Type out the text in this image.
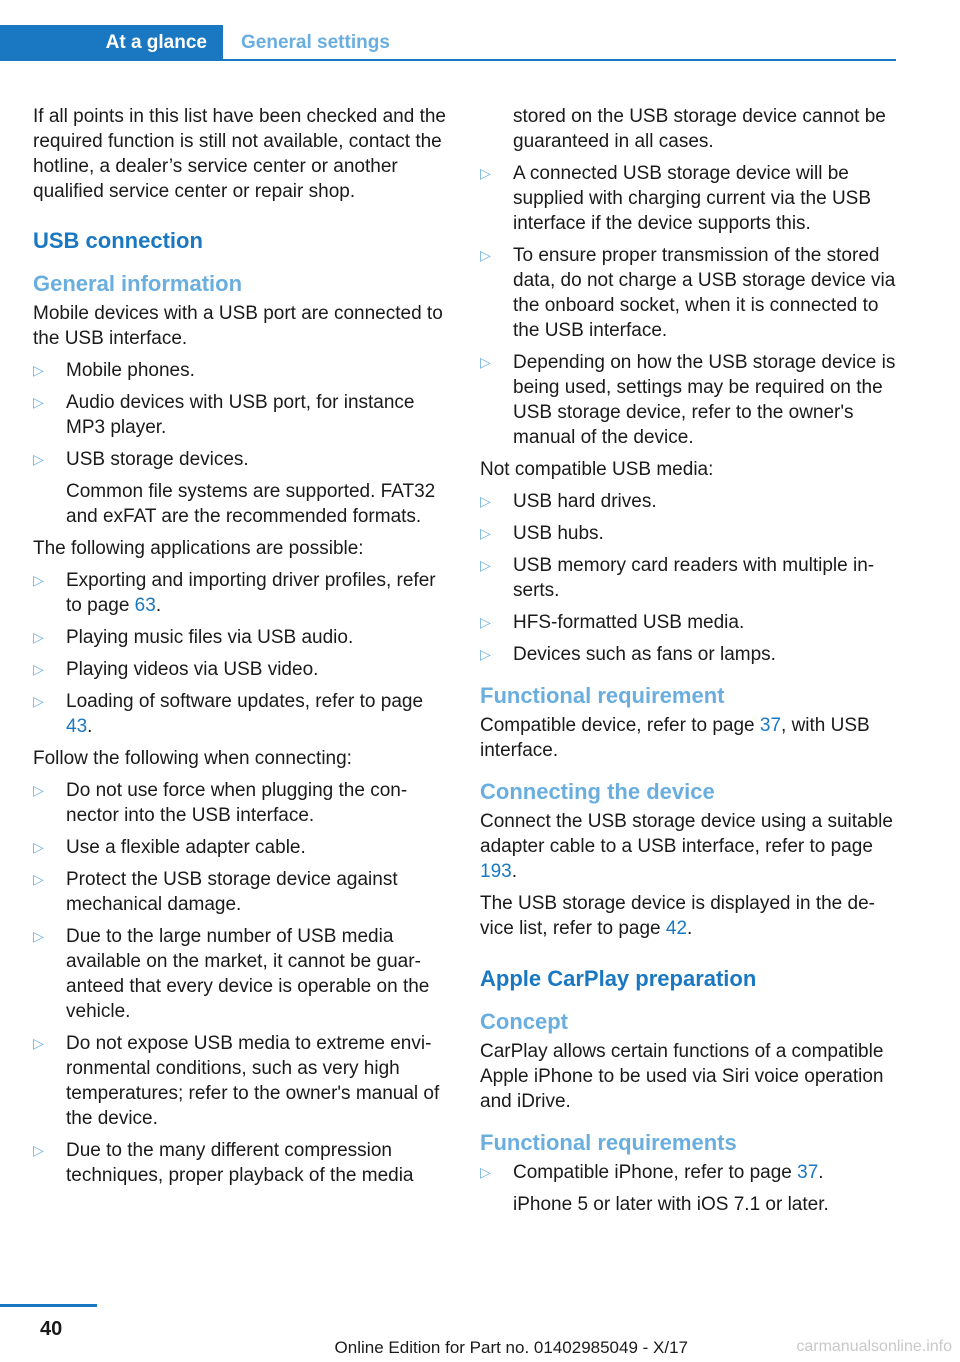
At a glance General settings

If all points in this list have been checked and the required function is still not available, contact the hotline, a dealer’s service center or another qualified service center or repair shop.

USB connection
General information

Mobile devices with a USB port are connected to the USB interface.

▷ Mobile phones.
▷ Audio devices with USB port, for instance MP3 player.
▷ USB storage devices.
Common file systems are supported. FAT32 and exFAT are the recommended formats.

The following applications are possible:

▷ Exporting and importing driver profiles, refer to page 63.
▷ Playing music files via USB audio.
▷ Playing videos via USB video.
▷ Loading of software updates, refer to page 43.

Follow the following when connecting:

▷ Do not use force when plugging the connector into the USB interface.
▷ Use a flexible adapter cable.
▷ Protect the USB storage device against mechanical damage.
▷ Due to the large number of USB media available on the market, it cannot be guaranteed that every device is operable on the vehicle.
▷ Do not expose USB media to extreme environmental conditions, such as very high temperatures; refer to the owner's manual of the device.
▷ Due to the many different compression techniques, proper playback of the media

stored on the USB storage device cannot be guaranteed in all cases.

▷ A connected USB storage device will be supplied with charging current via the USB interface if the device supports this.
▷ To ensure proper transmission of the stored data, do not charge a USB storage device via the onboard socket, when it is connected to the USB interface.
▷ Depending on how the USB storage device is being used, settings may be required on the USB storage device, refer to the owner's manual of the device.

Not compatible USB media:

▷ USB hard drives.
▷ USB hubs.
▷ USB memory card readers with multiple inserts.
▷ HFS-formatted USB media.
▷ Devices such as fans or lamps.
Functional requirement

Compatible device, refer to page 37, with USB interface.

Connecting the device

Connect the USB storage device using a suitable adapter cable to a USB interface, refer to page 193.

The USB storage device is displayed in the device list, refer to page 42.

Apple CarPlay preparation
Concept

CarPlay allows certain functions of a compatible Apple iPhone to be used via Siri voice operation and iDrive.

Functional requirements
▷ Compatible iPhone, refer to page 37.
iPhone 5 or later with iOS 7.1 or later.
40
Online Edition for Part no. 01402985049 - X/17	carmanualsonline.info
